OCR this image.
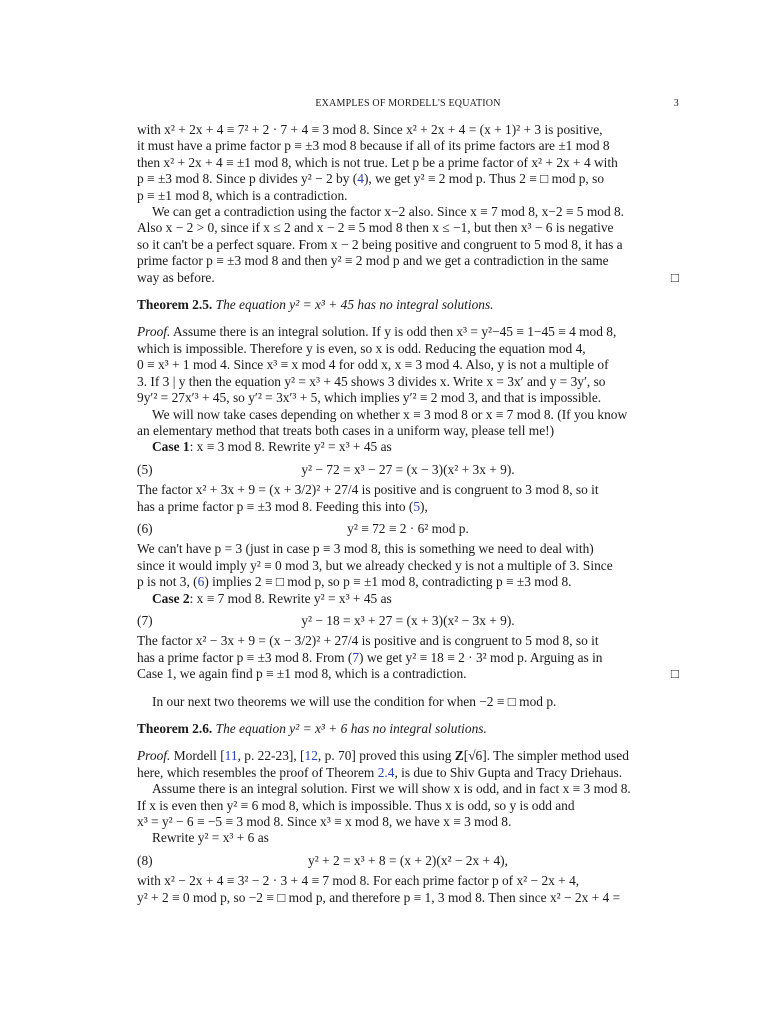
EXAMPLES OF MORDELL'S EQUATION	3
with x² + 2x + 4 ≡ 7² + 2 · 7 + 4 ≡ 3 mod 8. Since x² + 2x + 4 = (x + 1)² + 3 is positive,
it must have a prime factor p ≡ ±3 mod 8 because if all of its prime factors are ±1 mod 8
then x² + 2x + 4 ≡ ±1 mod 8, which is not true. Let p be a prime factor of x² + 2x + 4 with
p ≡ ±3 mod 8. Since p divides y² − 2 by (4), we get y² ≡ 2 mod p. Thus 2 ≡ □ mod p, so
p ≡ ±1 mod 8, which is a contradiction.
We can get a contradiction using the factor x−2 also. Since x ≡ 7 mod 8, x−2 ≡ 5 mod 8.
Also x − 2 > 0, since if x ≤ 2 and x − 2 ≡ 5 mod 8 then x ≤ −1, but then x³ − 6 is negative
so it can't be a perfect square. From x − 2 being positive and congruent to 5 mod 8, it has a
prime factor p ≡ ±3 mod 8 and then y² ≡ 2 mod p and we get a contradiction in the same
way as before.	□
Theorem 2.5. The equation y² = x³ + 45 has no integral solutions.
Proof. Assume there is an integral solution. If y is odd then x³ = y²−45 ≡ 1−45 ≡ 4 mod 8,
which is impossible. Therefore y is even, so x is odd. Reducing the equation mod 4,
0 ≡ x³ + 1 mod 4. Since x³ ≡ x mod 4 for odd x, x ≡ 3 mod 4. Also, y is not a multiple of
3. If 3 | y then the equation y² = x³ + 45 shows 3 divides x. Write x = 3x′ and y = 3y′, so
9y′² = 27x′³ + 45, so y′² = 3x′³ + 5, which implies y′² ≡ 2 mod 3, and that is impossible.
We will now take cases depending on whether x ≡ 3 mod 8 or x ≡ 7 mod 8. (If you know
an elementary method that treats both cases in a uniform way, please tell me!)
Case 1: x ≡ 3 mod 8. Rewrite y² = x³ + 45 as
(5)	y² − 72 = x³ − 27 = (x − 3)(x² + 3x + 9).
The factor x² + 3x + 9 = (x + 3/2)² + 27/4 is positive and is congruent to 3 mod 8, so it
has a prime factor p ≡ ±3 mod 8. Feeding this into (5),
(6)	y² ≡ 72 ≡ 2 · 6² mod p.
We can't have p = 3 (just in case p ≡ 3 mod 8, this is something we need to deal with)
since it would imply y² ≡ 0 mod 3, but we already checked y is not a multiple of 3. Since
p is not 3, (6) implies 2 ≡ □ mod p, so p ≡ ±1 mod 8, contradicting p ≡ ±3 mod 8.
Case 2: x ≡ 7 mod 8. Rewrite y² = x³ + 45 as
(7)	y² − 18 = x³ + 27 = (x + 3)(x² − 3x + 9).
The factor x² − 3x + 9 = (x − 3/2)² + 27/4 is positive and is congruent to 5 mod 8, so it
has a prime factor p ≡ ±3 mod 8. From (7) we get y² ≡ 18 ≡ 2 · 3² mod p. Arguing as in
Case 1, we again find p ≡ ±1 mod 8, which is a contradiction.	□
In our next two theorems we will use the condition for when −2 ≡ □ mod p.
Theorem 2.6. The equation y² = x³ + 6 has no integral solutions.
Proof. Mordell [11, p. 22-23], [12, p. 70] proved this using Z[√6]. The simpler method used
here, which resembles the proof of Theorem 2.4, is due to Shiv Gupta and Tracy Driehaus.
Assume there is an integral solution. First we will show x is odd, and in fact x ≡ 3 mod 8.
If x is even then y² ≡ 6 mod 8, which is impossible. Thus x is odd, so y is odd and
x³ = y² − 6 ≡ −5 ≡ 3 mod 8. Since x³ ≡ x mod 8, we have x ≡ 3 mod 8.
Rewrite y² = x³ + 6 as
(8)	y² + 2 = x³ + 8 = (x + 2)(x² − 2x + 4),
with x² − 2x + 4 ≡ 3² − 2 · 3 + 4 ≡ 7 mod 8. For each prime factor p of x² − 2x + 4,
y² + 2 ≡ 0 mod p, so −2 ≡ □ mod p, and therefore p ≡ 1, 3 mod 8. Then since x² − 2x + 4 =
